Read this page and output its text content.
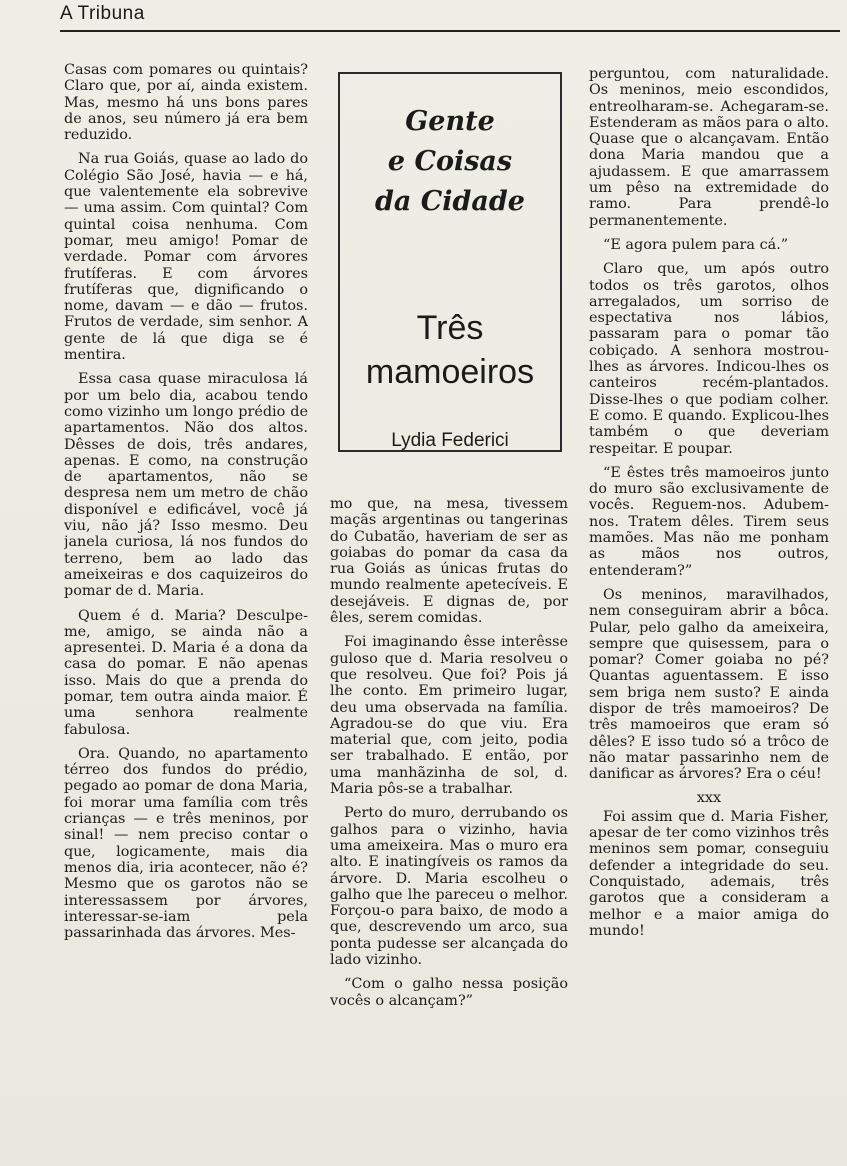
A Tribuna

Casas com pomares ou quintais? Claro que, por aí, ainda existem. Mas, mesmo há uns bons pares de anos, seu número já era bem reduzido.

Na rua Goiás, quase ao lado do Colégio São José, havia — e há, que valentemente ela sobrevive — uma assim. Com quintal? Com quintal coisa nenhuma. Com pomar, meu amigo! Pomar de verdade. Pomar com árvores frutíferas. E com árvores frutíferas que, dignificando o nome, davam — e dão — frutos. Frutos de verdade, sim senhor. A gente de lá que diga se é mentira.

Essa casa quase miraculosa lá por um belo dia, acabou tendo como vizinho um longo prédio de apartamentos. Não dos altos. Dêsses de dois, três andares, apenas. E como, na construção de apartamentos, não se despresa nem um metro de chão disponível e edificável, você já viu, não já? Isso mesmo. Deu janela curiosa, lá nos fundos do terreno, bem ao lado das ameixeiras e dos caquizeiros do pomar de d. Maria.

Quem é d. Maria? Desculpe-me, amigo, se ainda não a apresentei. D. Maria é a dona da casa do pomar. E não apenas isso. Mais do que a prenda do pomar, tem outra ainda maior. É uma senhora realmente fabulosa.

Ora. Quando, no apartamento térreo dos fundos do prédio, pegado ao pomar de dona Maria, foi morar uma família com três crianças — e três meninos, por sinal! — nem preciso contar o que, logicamente, mais dia menos dia, iria acontecer, não é? Mesmo que os garotos não se interessassem por árvores, interessar-se-iam pela passarinhada das árvores. Mes-

Gente
e Coisas
da Cidade
Três
mamoeiros
Lydia Federici

mo que, na mesa, tivessem maçãs argentinas ou tangerinas do Cubatão, haveriam de ser as goiabas do pomar da casa da rua Goiás as únicas frutas do mundo realmente apetecíveis. E desejáveis. E dignas de, por êles, serem comidas.

Foi imaginando êsse interêsse guloso que d. Maria resolveu o que resolveu. Que foi? Pois já lhe conto. Em primeiro lugar, deu uma observada na família. Agradou-se do que viu. Era material que, com jeito, podia ser trabalhado. E então, por uma manhãzinha de sol, d. Maria pôs-se a trabalhar.

Perto do muro, derrubando os galhos para o vizinho, havia uma ameixeira. Mas o muro era alto. E inatingíveis os ramos da árvore. D. Maria escolheu o galho que lhe pareceu o melhor. Forçou-o para baixo, de modo a que, descrevendo um arco, sua ponta pudesse ser alcançada do lado vizinho.

“Com o galho nessa posição vocês o alcançam?”

perguntou, com naturalidade. Os meninos, meio escondidos, entreolharam-se. Achegaram-se. Estenderam as mãos para o alto. Quase que o alcançavam. Então dona Maria mandou que a ajudassem. E que amarrassem um pêso na extremidade do ramo. Para prendê-lo permanentemente.

“E agora pulem para cá.”

Claro que, um após outro todos os três garotos, olhos arregalados, um sorriso de espectativa nos lábios, passaram para o pomar tão cobiçado. A senhora mostrou-lhes as árvores. Indicou-lhes os canteiros recém-plantados. Disse-lhes o que podiam colher. E como. E quando. Explicou-lhes também o que deveriam respeitar. E poupar.

“E êstes três mamoeiros junto do muro são exclusivamente de vocês. Reguem-nos. Adubem-nos. Tratem dêles. Tirem seus mamões. Mas não me ponham as mãos nos outros, entenderam?”

Os meninos, maravilhados, nem conseguiram abrir a bôca. Pular, pelo galho da ameixeira, sempre que quisessem, para o pomar? Comer goiaba no pé? Quantas aguentassem. E isso sem briga nem susto? E ainda dispor de três mamoeiros? De três mamoeiros que eram só dêles? E isso tudo só a trôco de não matar passarinho nem de danificar as árvores? Era o céu!

xxx

Foi assim que d. Maria Fisher, apesar de ter como vizinhos três meninos sem pomar, conseguiu defender a integridade do seu. Conquistado, ademais, três garotos que a consideram a melhor e a maior amiga do mundo!
